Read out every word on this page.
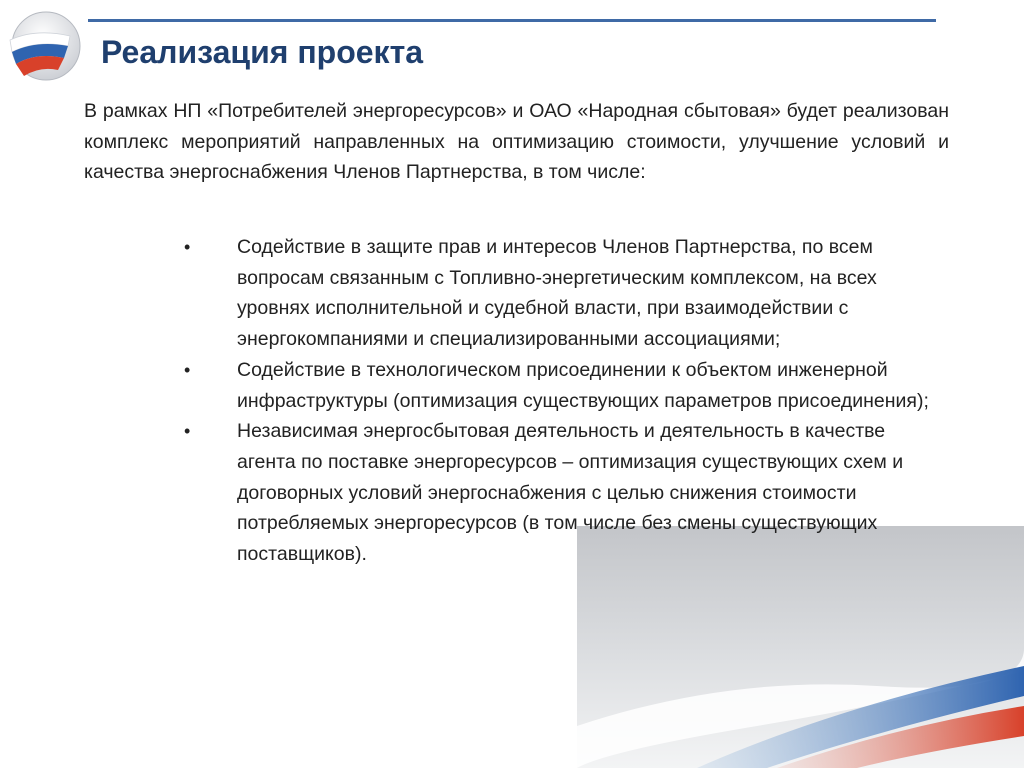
Реализация проекта

В рамках НП «Потребителей энергоресурсов» и ОАО «Народная сбытовая» будет реализован комплекс мероприятий направленных на оптимизацию стоимости, улучшение условий и качества энергоснабжения Членов Партнерства, в том числе:

• Содействие в защите прав и интересов Членов Партнерства, по всем вопросам связанным с Топливно-энергетическим комплексом, на всех уровнях исполнительной и судебной власти, при взаимодействии с энергокомпаниями и специализированными ассоциациями;
• Содействие в технологическом присоединении к объектом инженерной инфраструктуры (оптимизация существующих параметров присоединения);
• Независимая энергосбытовая деятельность и деятельность в качестве агента по поставке энергоресурсов – оптимизация существующих схем и договорных условий энергоснабжения с целью снижения стоимости потребляемых энергоресурсов (в том числе без смены существующих поставщиков).
